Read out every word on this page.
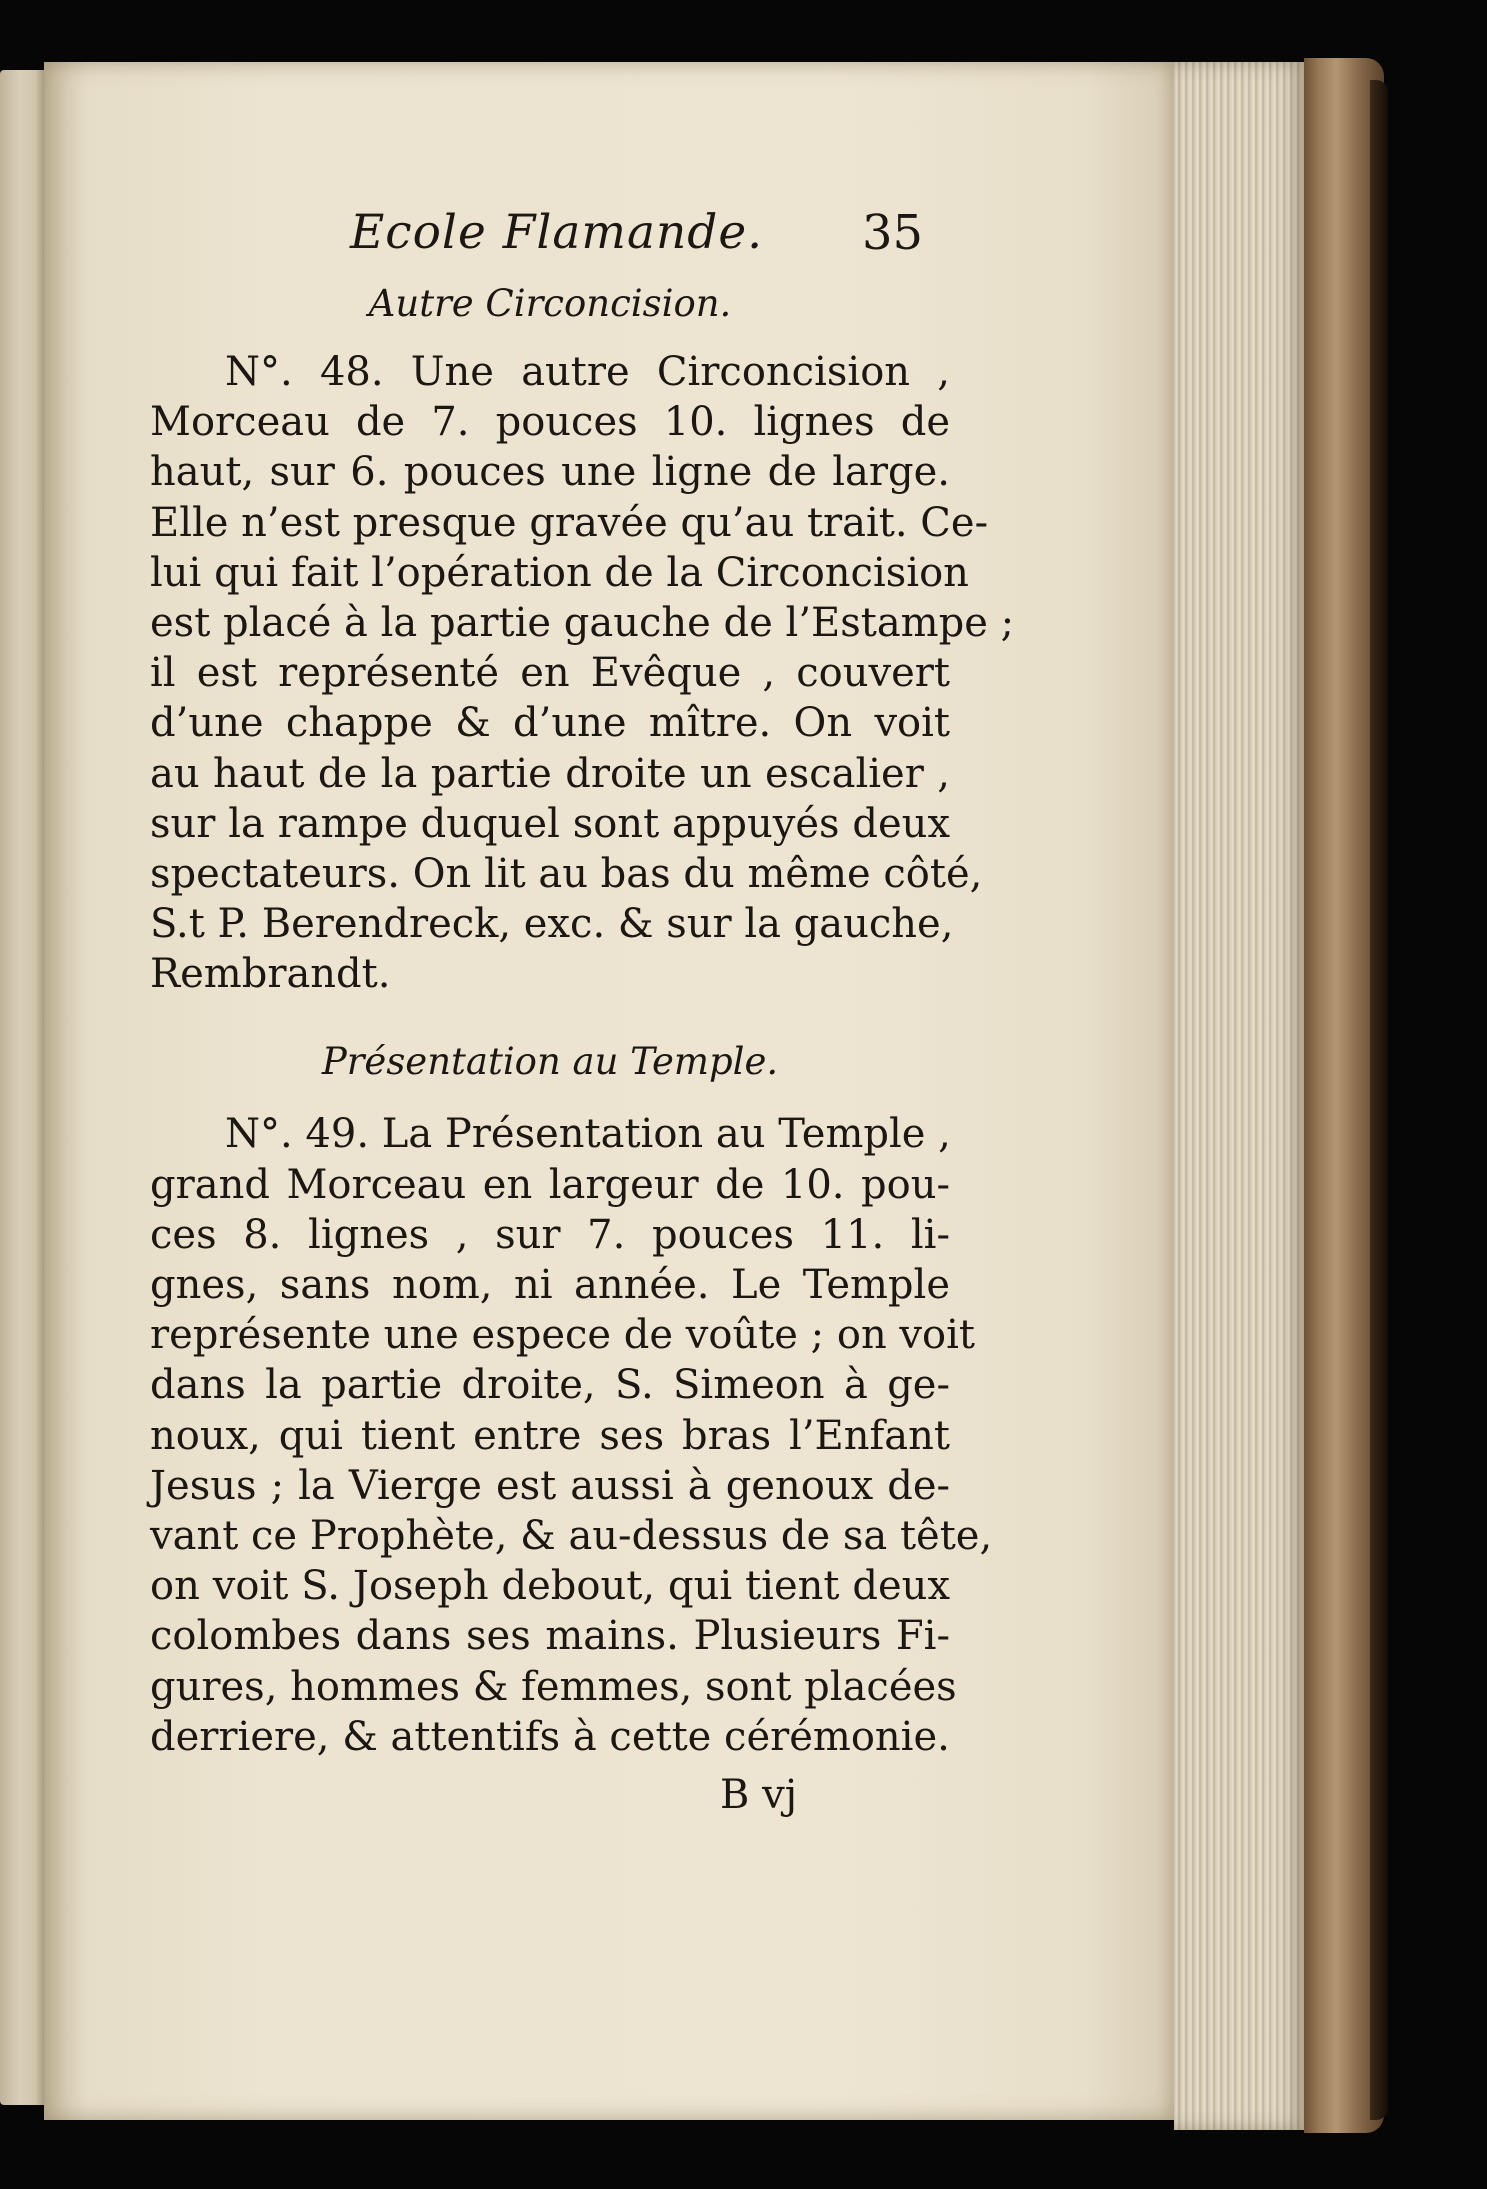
Ecole Flamande. 35
Autre Circoncision.
N°. 48. Une autre Circoncision ,
Morceau de 7. pouces 10. lignes de
haut, sur 6. pouces une ligne de large.
Elle n’est presque gravée qu’au trait. Ce-
lui qui fait l’opération de la Circoncision
est placé à la partie gauche de l’Estampe ;
il est représenté en Evêque , couvert
d’une chappe & d’une mître. On voit
au haut de la partie droite un escalier ,
sur la rampe duquel sont appuyés deux
spectateurs. On lit au bas du même côté,
S.t P. Berendreck, exc. & sur la gauche,
Rembrandt.
Présentation au Temple.
N°. 49. La Présentation au Temple ,
grand Morceau en largeur de 10. pou-
ces 8. lignes , sur 7. pouces 11. li-
gnes, sans nom, ni année. Le Temple
représente une espece de voûte ; on voit
dans la partie droite, S. Simeon à ge-
noux, qui tient entre ses bras l’Enfant
Jesus ; la Vierge est aussi à genoux de-
vant ce Prophète, & au-dessus de sa tête,
on voit S. Joseph debout, qui tient deux
colombes dans ses mains. Plusieurs Fi-
gures, hommes & femmes, sont placées
derriere, & attentifs à cette cérémonie.
B vj
